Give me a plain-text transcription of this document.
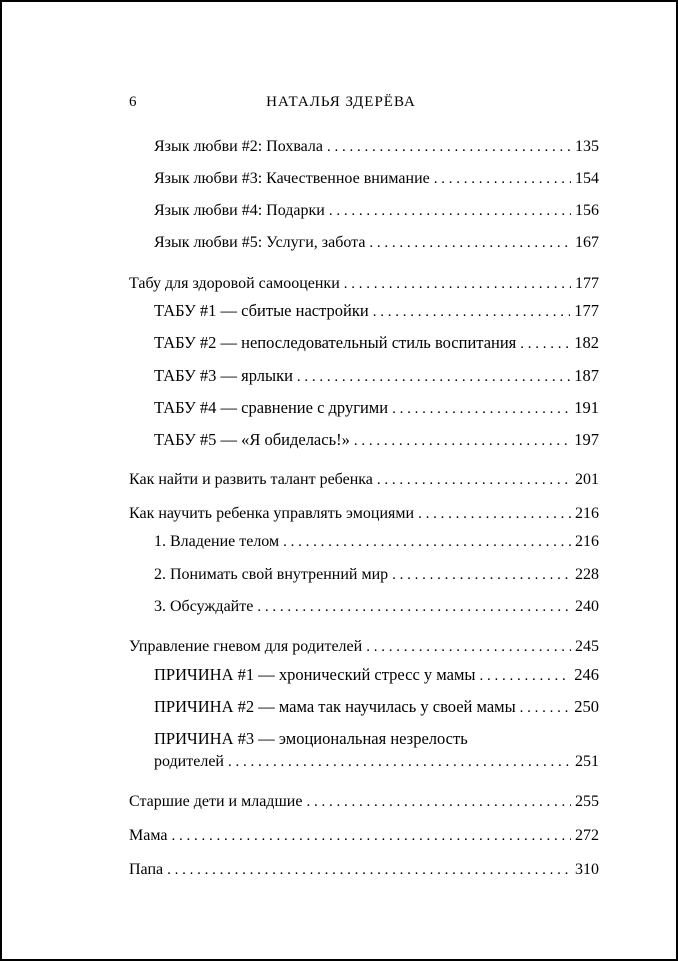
6	НАТАЛЬЯ ЗДЕРЁВА
Язык любви #2: Похвала . . .	135
Язык любви #3: Качественное внимание . . .	154
Язык любви #4: Подарки . . .	156
Язык любви #5: Услуги, забота . . .	167
Табу для здоровой самооценки . . .	177
ТАБУ #1 — сбитые настройки . . .	177
ТАБУ #2 — непоследовательный стиль воспитания . . .	182
ТАБУ #3 — ярлыки . . .	187
ТАБУ #4 — сравнение с другими . . .	191
ТАБУ #5 — «Я обиделась!» . . .	197
Как найти и развить талант ребенка . . .	201
Как научить ребенка управлять эмоциями . . .	216
1. Владение телом . . .	216
2. Понимать свой внутренний мир . . .	228
3. Обсуждайте . . .	240
Управление гневом для родителей . . .	245
ПРИЧИНА #1 — хронический стресс у мамы . . .	246
ПРИЧИНА #2 — мама так научилась у своей мамы . . .	250
ПРИЧИНА #3 — эмоциональная незрелость
родителей . . .	251
Старшие дети и младшие . . .	255
Мама . . .	272
Папа . . .	310
